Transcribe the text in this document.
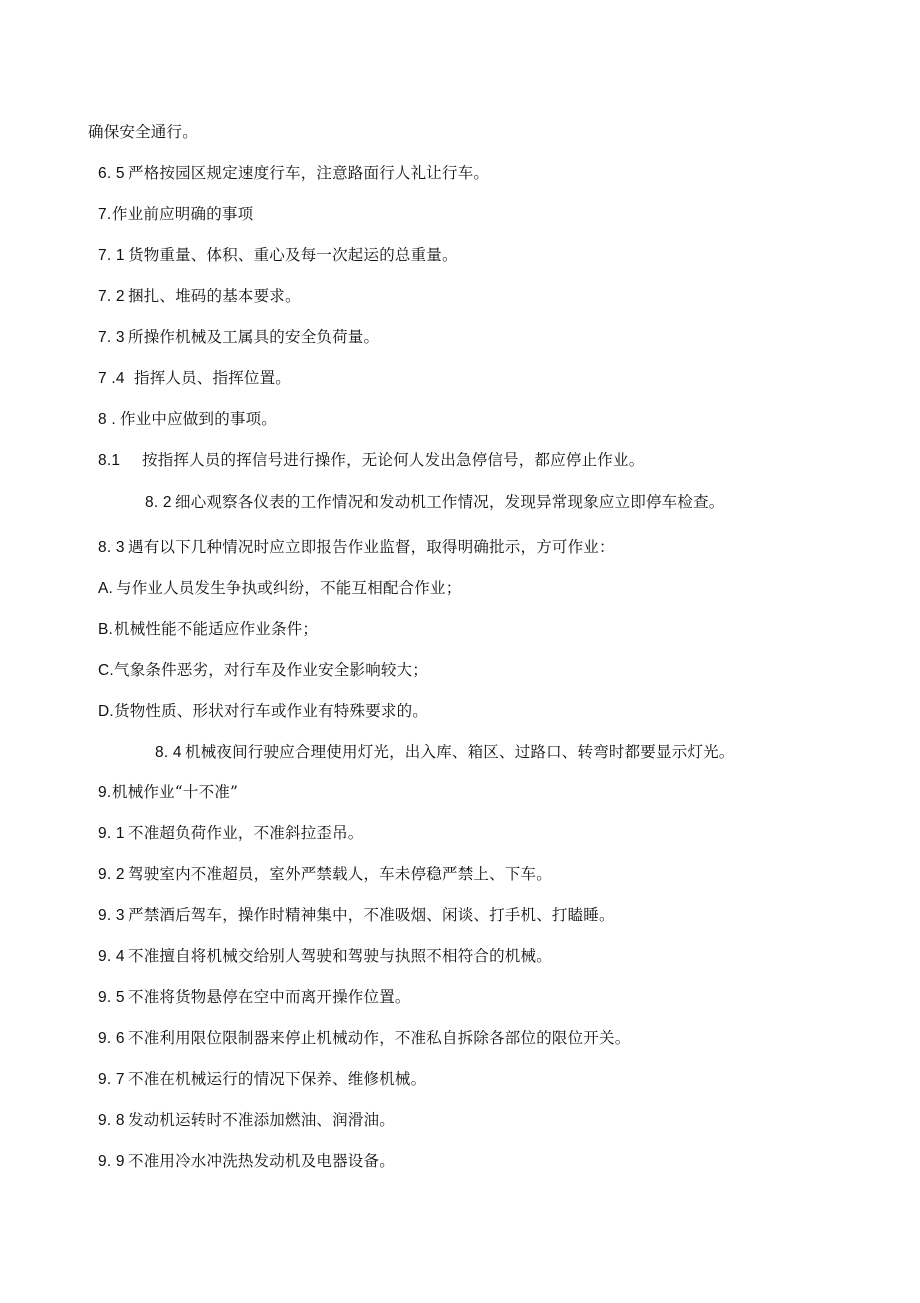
确保安全通行。
6. 5 严格按园区规定速度行车，注意路面行人礼让行车。
7.作业前应明确的事项
7. 1 货物重量、体积、重心及每一次起运的总重量。
7. 2 捆扎、堆码的基本要求。
7. 3 所操作机械及工属具的安全负荷量。
7 .4 指挥人员、指挥位置。
8 . 作业中应做到的事项。
8.1 按指挥人员的挥信号进行操作，无论何人发出急停信号，都应停止作业。
8. 2 细心观察各仪表的工作情况和发动机工作情况，发现异常现象应立即停车检查。
8. 3 遇有以下几种情况时应立即报告作业监督，取得明确批示，方可作业：
A. 与作业人员发生争执或纠纷，不能互相配合作业；
B.机械性能不能适应作业条件；
C.气象条件恶劣，对行车及作业安全影响较大；
D.货物性质、形状对行车或作业有特殊要求的。
8. 4 机械夜间行驶应合理使用灯光，出入库、箱区、过路口、转弯时都要显示灯光。
9.机械作业“十不准”
9. 1 不准超负荷作业，不准斜拉歪吊。
9. 2 驾驶室内不准超员，室外严禁载人，车未停稳严禁上、下车。
9. 3 严禁酒后驾车，操作时精神集中，不准吸烟、闲谈、打手机、打瞌睡。
9. 4 不准擅自将机械交给别人驾驶和驾驶与执照不相符合的机械。
9. 5 不准将货物悬停在空中而离开操作位置。
9. 6 不准利用限位限制器来停止机械动作，不准私自拆除各部位的限位开关。
9. 7 不准在机械运行的情况下保养、维修机械。
9. 8 发动机运转时不准添加燃油、润滑油。
9. 9 不准用冷水冲洗热发动机及电器设备。
